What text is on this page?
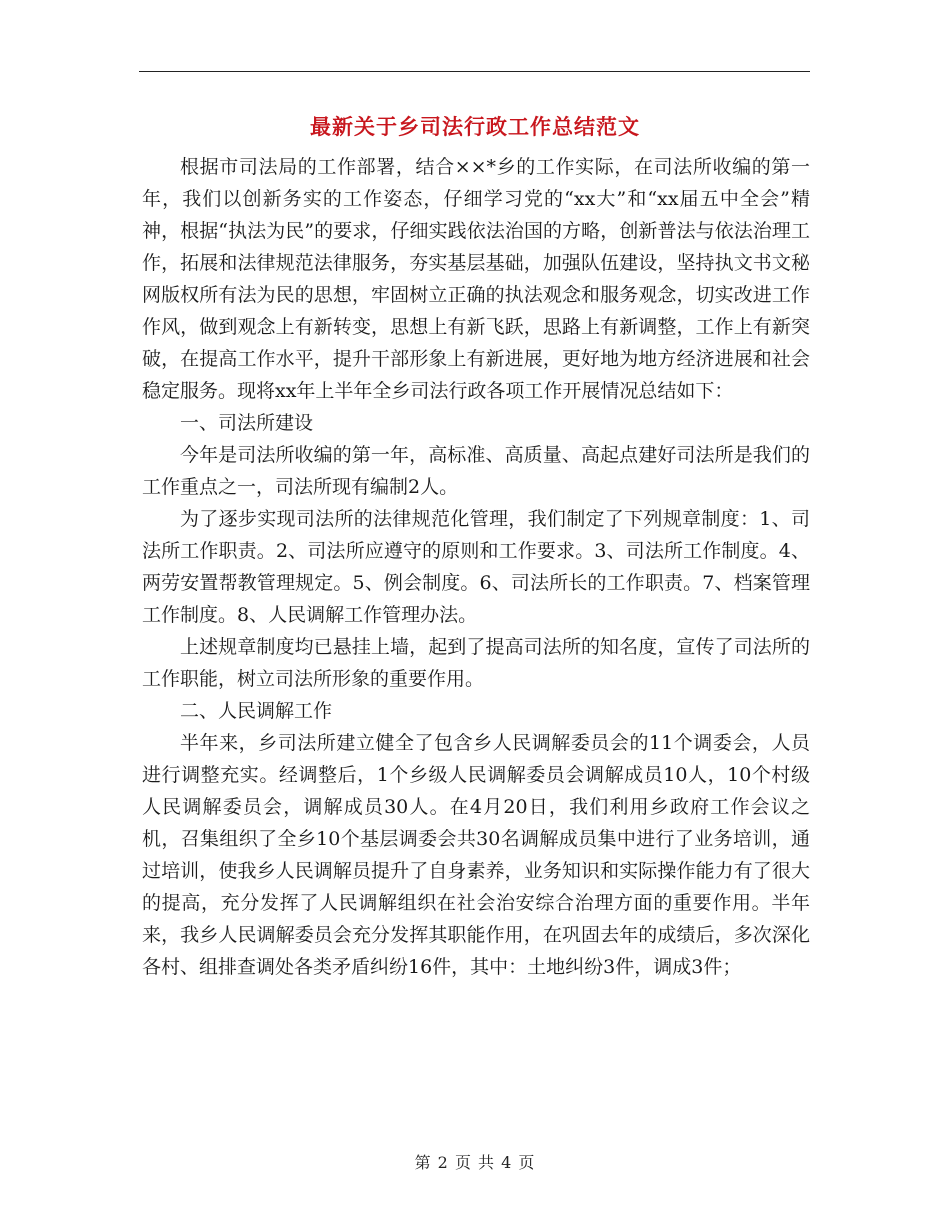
最新关于乡司法行政工作总结范文

根据市司法局的工作部署，结合××*乡的工作实际，在司法所收编的第一年，我们以创新务实的工作姿态，仔细学习党的“xx大”和“xx届五中全会”精神，根据“执法为民”的要求，仔细实践依法治国的方略，创新普法与依法治理工作，拓展和法律规范法律服务，夯实基层基础，加强队伍建设，坚持执文书文秘网版权所有法为民的思想，牢固树立正确的执法观念和服务观念，切实改进工作作风，做到观念上有新转变，思想上有新飞跃，思路上有新调整，工作上有新突破，在提高工作水平，提升干部形象上有新进展，更好地为地方经济进展和社会稳定服务。现将xx年上半年全乡司法行政各项工作开展情况总结如下：

一、司法所建设

今年是司法所收编的第一年，高标准、高质量、高起点建好司法所是我们的工作重点之一，司法所现有编制2人。

为了逐步实现司法所的法律规范化管理，我们制定了下列规章制度：1、司法所工作职责。2、司法所应遵守的原则和工作要求。3、司法所工作制度。4、两劳安置帮教管理规定。5、例会制度。6、司法所长的工作职责。7、档案管理工作制度。8、人民调解工作管理办法。

上述规章制度均已悬挂上墙，起到了提高司法所的知名度，宣传了司法所的工作职能，树立司法所形象的重要作用。

二、人民调解工作

半年来，乡司法所建立健全了包含乡人民调解委员会的11个调委会，人员进行调整充实。经调整后，1个乡级人民调解委员会调解成员10人，10个村级人民调解委员会，调解成员30人。在4月20日，我们利用乡政府工作会议之机，召集组织了全乡10个基层调委会共30名调解成员集中进行了业务培训，通过培训，使我乡人民调解员提升了自身素养，业务知识和实际操作能力有了很大的提高，充分发挥了人民调解组织在社会治安综合治理方面的重要作用。半年来，我乡人民调解委员会充分发挥其职能作用，在巩固去年的成绩后，多次深化各村、组排查调处各类矛盾纠纷16件，其中：土地纠纷3件，调成3件；

第 2 页 共 4 页
